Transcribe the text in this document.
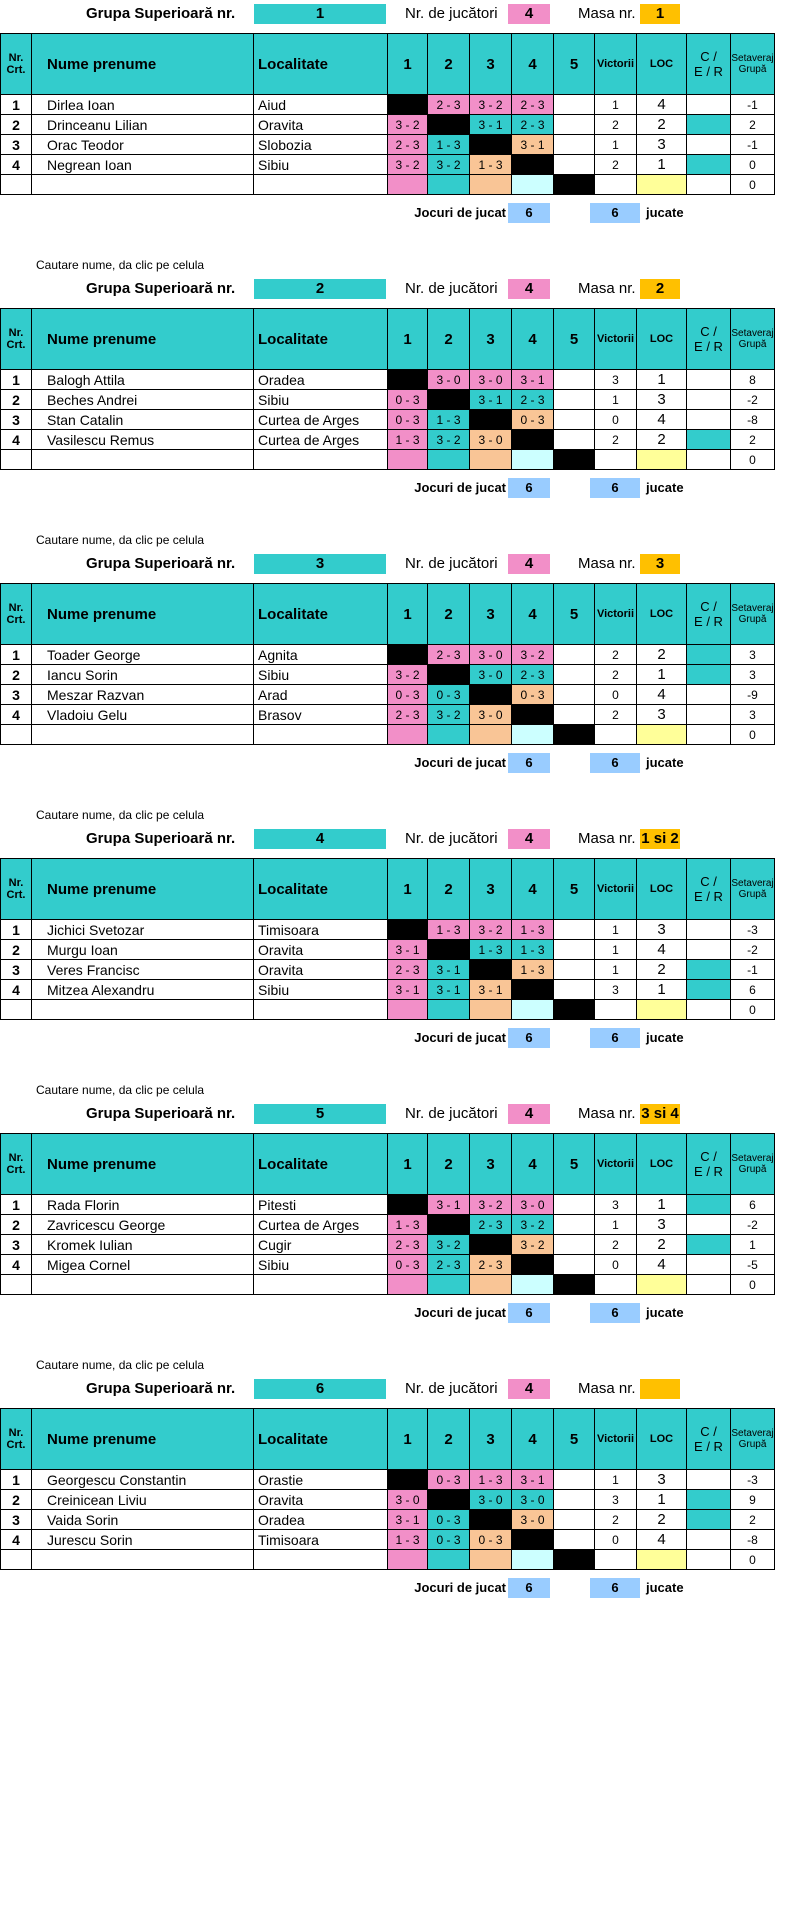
Grupa Superioară nr.	1	Nr. de jucători	4	Masa nr.	1
Nr.
Crt.	Nume prenume	Localitate	1	2	3	4	5	Victorii	LOC	C /
E / R	Setaveraj
Grupă
1	Dirlea Ioan	Aiud		2 - 3	3 - 2	2 - 3		1	4		-1
2	Drinceanu Lilian	Oravita	3 - 2		3 - 1	2 - 3		2	2		2
3	Orac Teodor	Slobozia	2 - 3	1 - 3		3 - 1		1	3		-1
4	Negrean Ioan	Sibiu	3 - 2	3 - 2	1 - 3			2	1		0
											0
Jocuri de jucat	6	6	jucate
Cautare nume, da clic pe celula
Grupa Superioară nr.	2	Nr. de jucători	4	Masa nr.	2
Nr.
Crt.	Nume prenume	Localitate	1	2	3	4	5	Victorii	LOC	C /
E / R	Setaveraj
Grupă
1	Balogh Attila	Oradea		3 - 0	3 - 0	3 - 1		3	1		8
2	Beches Andrei	Sibiu	0 - 3		3 - 1	2 - 3		1	3		-2
3	Stan Catalin	Curtea de Arges	0 - 3	1 - 3		0 - 3		0	4		-8
4	Vasilescu Remus	Curtea de Arges	1 - 3	3 - 2	3 - 0			2	2		2
											0
Jocuri de jucat	6	6	jucate
Cautare nume, da clic pe celula
Grupa Superioară nr.	3	Nr. de jucători	4	Masa nr.	3
Nr.
Crt.	Nume prenume	Localitate	1	2	3	4	5	Victorii	LOC	C /
E / R	Setaveraj
Grupă
1	Toader George	Agnita		2 - 3	3 - 0	3 - 2		2	2		3
2	Iancu Sorin	Sibiu	3 - 2		3 - 0	2 - 3		2	1		3
3	Meszar Razvan	Arad	0 - 3	0 - 3		0 - 3		0	4		-9
4	Vladoiu Gelu	Brasov	2 - 3	3 - 2	3 - 0			2	3		3
											0
Jocuri de jucat	6	6	jucate
Cautare nume, da clic pe celula
Grupa Superioară nr.	4	Nr. de jucători	4	Masa nr. 1 si 2
Nr.
Crt.	Nume prenume	Localitate	1	2	3	4	5	Victorii	LOC	C /
E / R	Setaveraj
Grupă
1	Jichici Svetozar	Timisoara		1 - 3	3 - 2	1 - 3		1	3		-3
2	Murgu Ioan	Oravita	3 - 1		1 - 3	1 - 3		1	4		-2
3	Veres Francisc	Oravita	2 - 3	3 - 1		1 - 3		1	2		-1
4	Mitzea Alexandru	Sibiu	3 - 1	3 - 1	3 - 1			3	1		6
											0
Jocuri de jucat	6	6	jucate
Cautare nume, da clic pe celula
Grupa Superioară nr.	5	Nr. de jucători	4	Masa nr. 3 si 4
Nr.
Crt.	Nume prenume	Localitate	1	2	3	4	5	Victorii	LOC	C /
E / R	Setaveraj
Grupă
1	Rada Florin	Pitesti		3 - 1	3 - 2	3 - 0		3	1		6
2	Zavricescu George	Curtea de Arges	1 - 3		2 - 3	3 - 2		1	3		-2
3	Kromek Iulian	Cugir	2 - 3	3 - 2		3 - 2		2	2		1
4	Migea Cornel	Sibiu	0 - 3	2 - 3	2 - 3			0	4		-5
											0
Jocuri de jucat	6	6	jucate
Cautare nume, da clic pe celula
Grupa Superioară nr.	6	Nr. de jucători	4	Masa nr.
Nr.
Crt.	Nume prenume	Localitate	1	2	3	4	5	Victorii	LOC	C /
E / R	Setaveraj
Grupă
1	Georgescu Constantin	Orastie		0 - 3	1 - 3	3 - 1		1	3		-3
2	Creinicean Liviu	Oravita	3 - 0		3 - 0	3 - 0		3	1		9
3	Vaida Sorin	Oradea	3 - 1	0 - 3		3 - 0		2	2		2
4	Jurescu Sorin	Timisoara	1 - 3	0 - 3	0 - 3			0	4		-8
											0
Jocuri de jucat	6	6	jucate
